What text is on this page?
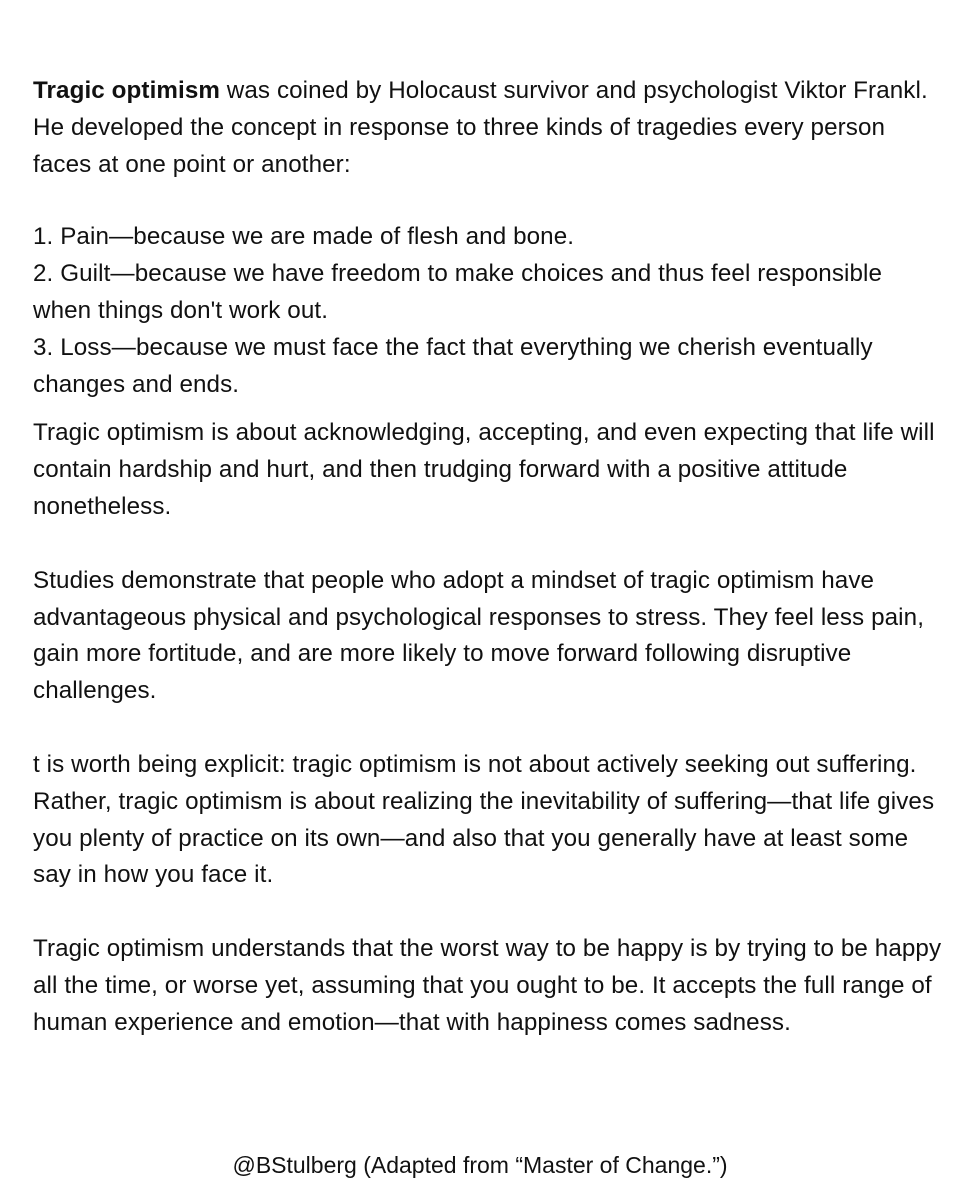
Tragic optimism was coined by Holocaust survivor and psychologist Viktor Frankl. He developed the concept in response to three kinds of tragedies every person faces at one point or another:

1. Pain—because we are made of flesh and bone.

2. Guilt—because we have freedom to make choices and thus feel responsible when things don't work out.

3. Loss—because we must face the fact that everything we cherish eventually changes and ends.

Tragic optimism is about acknowledging, accepting, and even expecting that life will contain hardship and hurt, and then trudging forward with a positive attitude nonetheless.

Studies demonstrate that people who adopt a mindset of tragic optimism have advantageous physical and psychological responses to stress. They feel less pain, gain more fortitude, and are more likely to move forward following disruptive challenges.

t is worth being explicit: tragic optimism is not about actively seeking out suffering. Rather, tragic optimism is about realizing the inevitability of suffering—that life gives you plenty of practice on its own—and also that you generally have at least some say in how you face it.

Tragic optimism understands that the worst way to be happy is by trying to be happy all the time, or worse yet, assuming that you ought to be. It accepts the full range of human experience and emotion—that with happiness comes sadness.

@BStulberg (Adapted from “Master of Change.”)
